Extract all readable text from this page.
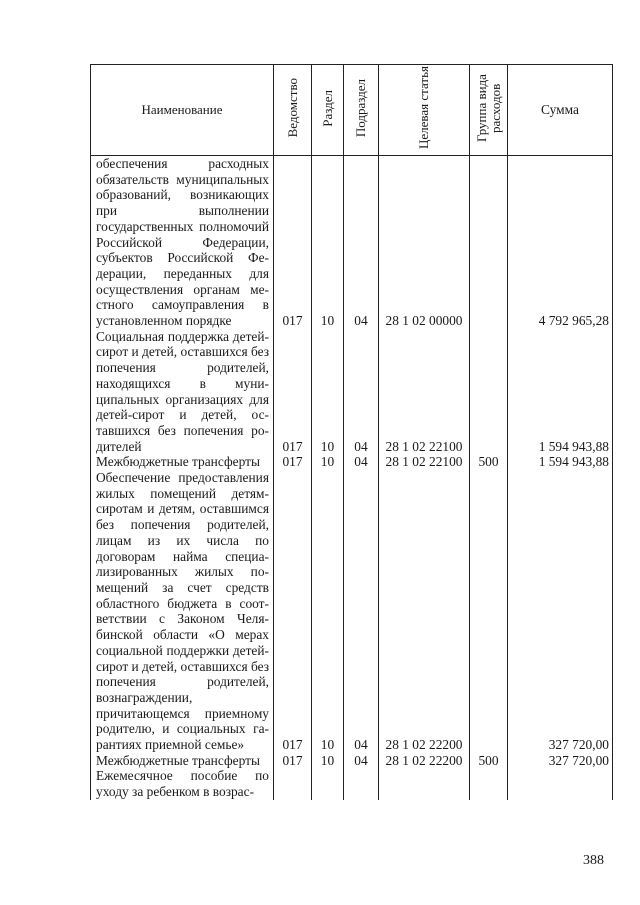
Наименование	Ведомство	Раздел	Подраздел	Целевая статья	Группа вида расходов	Сумма
обеспечения расходных обязательств муниципальных образований, возникающих при выполнении государственных полномочий Российской Федерации, субъектов Российской Федерации, переданных для осуществления органам местного самоуправления в установленном порядке	017	10	04	28 1 02 00000		4 792 965,28
Социальная поддержка детей-сирот и детей, оставшихся без попечения родителей, находящихся в муниципальных организациях для детей-сирот и детей, оставшихся без попечения родителей	017	10	04	28 1 02 22100		1 594 943,88
Межбюджетные трансферты	017	10	04	28 1 02 22100	500	1 594 943,88
Обеспечение предоставления жилых помещений детям-сиротам и детям, оставшимся без попечения родителей, лицам из их числа по договорам найма специализированных жилых помещений за счет средств областного бюджета в соответствии с Законом Челябинской области «О мерах социальной поддержки детей-сирот и детей, оставшихся без попечения родителей, вознаграждении, причитающемся приемному родителю, и социальных гарантиях приемной семье»	017	10	04	28 1 02 22200		327 720,00
Межбюджетные трансферты	017	10	04	28 1 02 22200	500	327 720,00
Ежемесячное пособие по уходу за ребенком в возрас-						
388
